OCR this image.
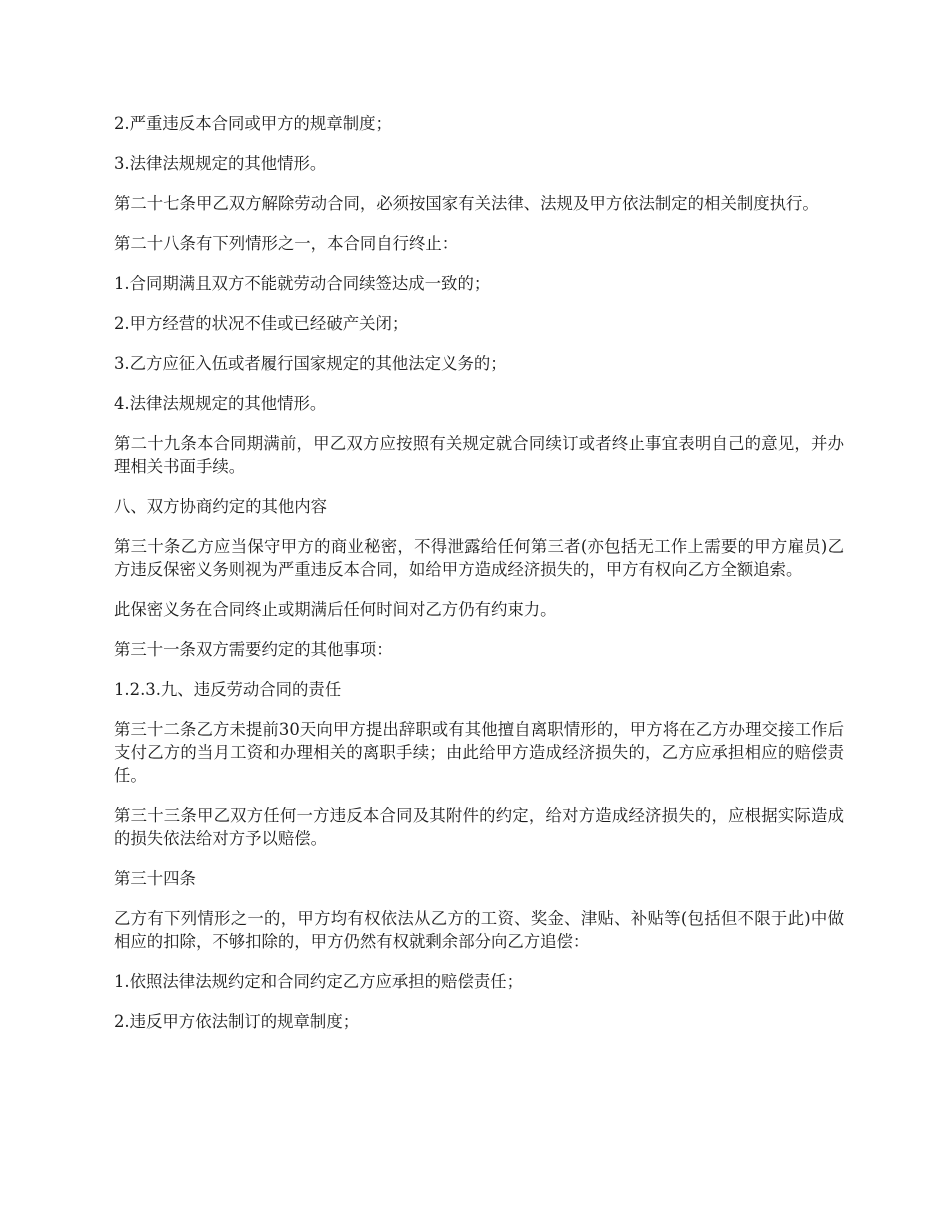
2.严重违反本合同或甲方的规章制度；

3.法律法规规定的其他情形。

第二十七条甲乙双方解除劳动合同，必须按国家有关法律、法规及甲方依法制定的相关制度执行。

第二十八条有下列情形之一，本合同自行终止：

1.合同期满且双方不能就劳动合同续签达成一致的；

2.甲方经营的状况不佳或已经破产关闭；

3.乙方应征入伍或者履行国家规定的其他法定义务的；

4.法律法规规定的其他情形。

第二十九条本合同期满前，甲乙双方应按照有关规定就合同续订或者终止事宜表明自己的意见，并办理相关书面手续。

八、双方协商约定的其他内容

第三十条乙方应当保守甲方的商业秘密，不得泄露给任何第三者(亦包括无工作上需要的甲方雇员)乙方违反保密义务则视为严重违反本合同，如给甲方造成经济损失的，甲方有权向乙方全额追索。

此保密义务在合同终止或期满后任何时间对乙方仍有约束力。

第三十一条双方需要约定的其他事项：

1.2.3.九、违反劳动合同的责任

第三十二条乙方未提前30天向甲方提出辞职或有其他擅自离职情形的，甲方将在乙方办理交接工作后支付乙方的当月工资和办理相关的离职手续；由此给甲方造成经济损失的，乙方应承担相应的赔偿责任。

第三十三条甲乙双方任何一方违反本合同及其附件的约定，给对方造成经济损失的，应根据实际造成的损失依法给对方予以赔偿。

第三十四条

乙方有下列情形之一的，甲方均有权依法从乙方的工资、奖金、津贴、补贴等(包括但不限于此)中做相应的扣除，不够扣除的，甲方仍然有权就剩余部分向乙方追偿：

1.依照法律法规约定和合同约定乙方应承担的赔偿责任；

2.违反甲方依法制订的规章制度；
